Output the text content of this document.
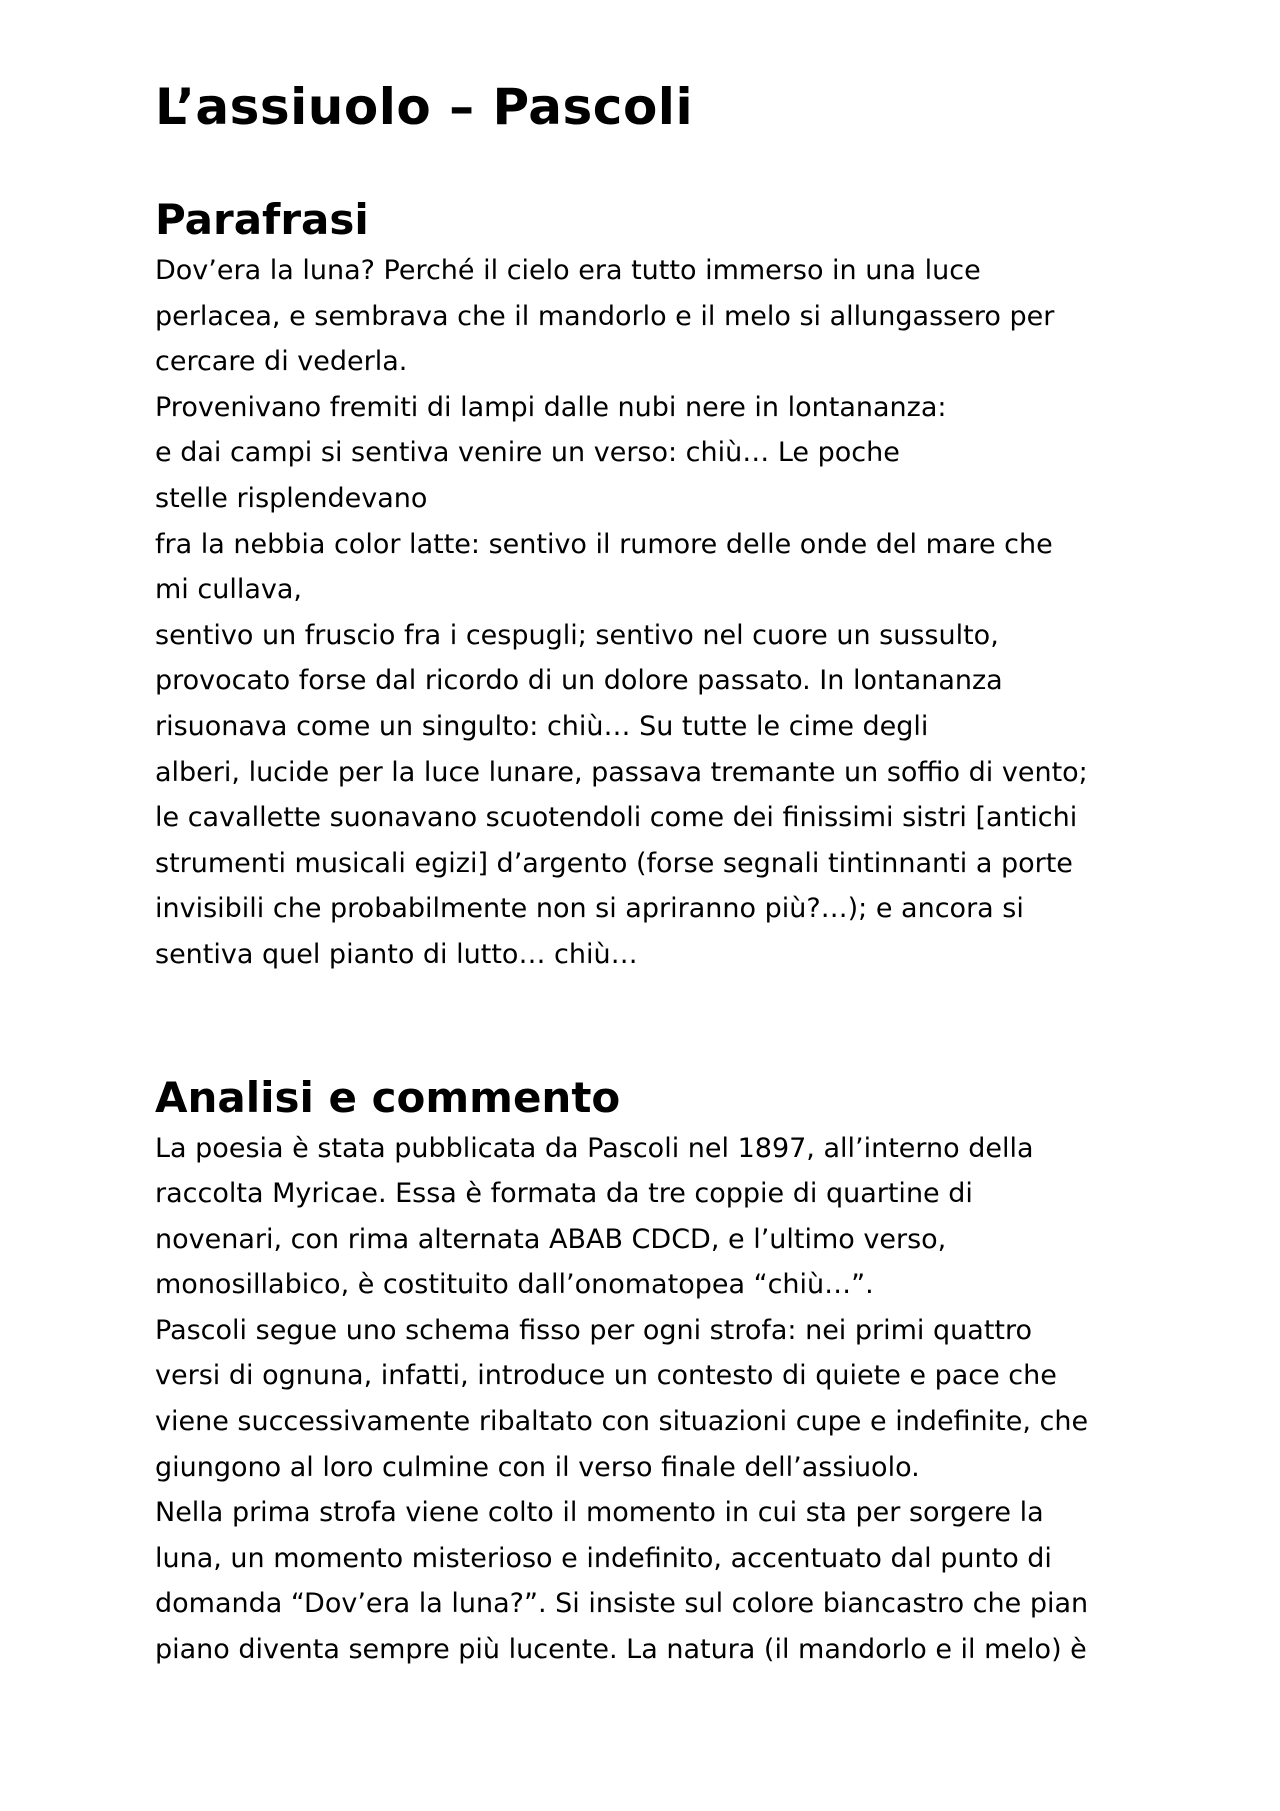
L’assiuolo – Pascoli
Parafrasi

Dov’era la luna? Perché il cielo era tutto immerso in una luce
perlacea, e sembrava che il mandorlo e il melo si allungassero per
cercare di vederla.
Provenivano fremiti di lampi dalle nubi nere in lontananza:
e dai campi si sentiva venire un verso: chiù… Le poche
stelle risplendevano
fra la nebbia color latte: sentivo il rumore delle onde del mare che
mi cullava,
sentivo un fruscio fra i cespugli; sentivo nel cuore un sussulto,
provocato forse dal ricordo di un dolore passato. In lontananza
risuonava come un singulto: chiù… Su tutte le cime degli
alberi, lucide per la luce lunare, passava tremante un soffio di vento;
le cavallette suonavano scuotendoli come dei finissimi sistri [antichi
strumenti musicali egizi] d’argento (forse segnali tintinnanti a porte
invisibili che probabilmente non si apriranno più?…); e ancora si
sentiva quel pianto di lutto… chiù…

Analisi e commento

La poesia è stata pubblicata da Pascoli nel 1897, all’interno della
raccolta Myricae. Essa è formata da tre coppie di quartine di
novenari, con rima alternata ABAB CDCD, e l’ultimo verso,
monosillabico, è costituito dall’onomatopea “chiù…”.
Pascoli segue uno schema fisso per ogni strofa: nei primi quattro
versi di ognuna, infatti, introduce un contesto di quiete e pace che
viene successivamente ribaltato con situazioni cupe e indefinite, che
giungono al loro culmine con il verso finale dell’assiuolo.
Nella prima strofa viene colto il momento in cui sta per sorgere la
luna, un momento misterioso e indefinito, accentuato dal punto di
domanda “Dov’era la luna?”. Si insiste sul colore biancastro che pian
piano diventa sempre più lucente. La natura (il mandorlo e il melo) è
